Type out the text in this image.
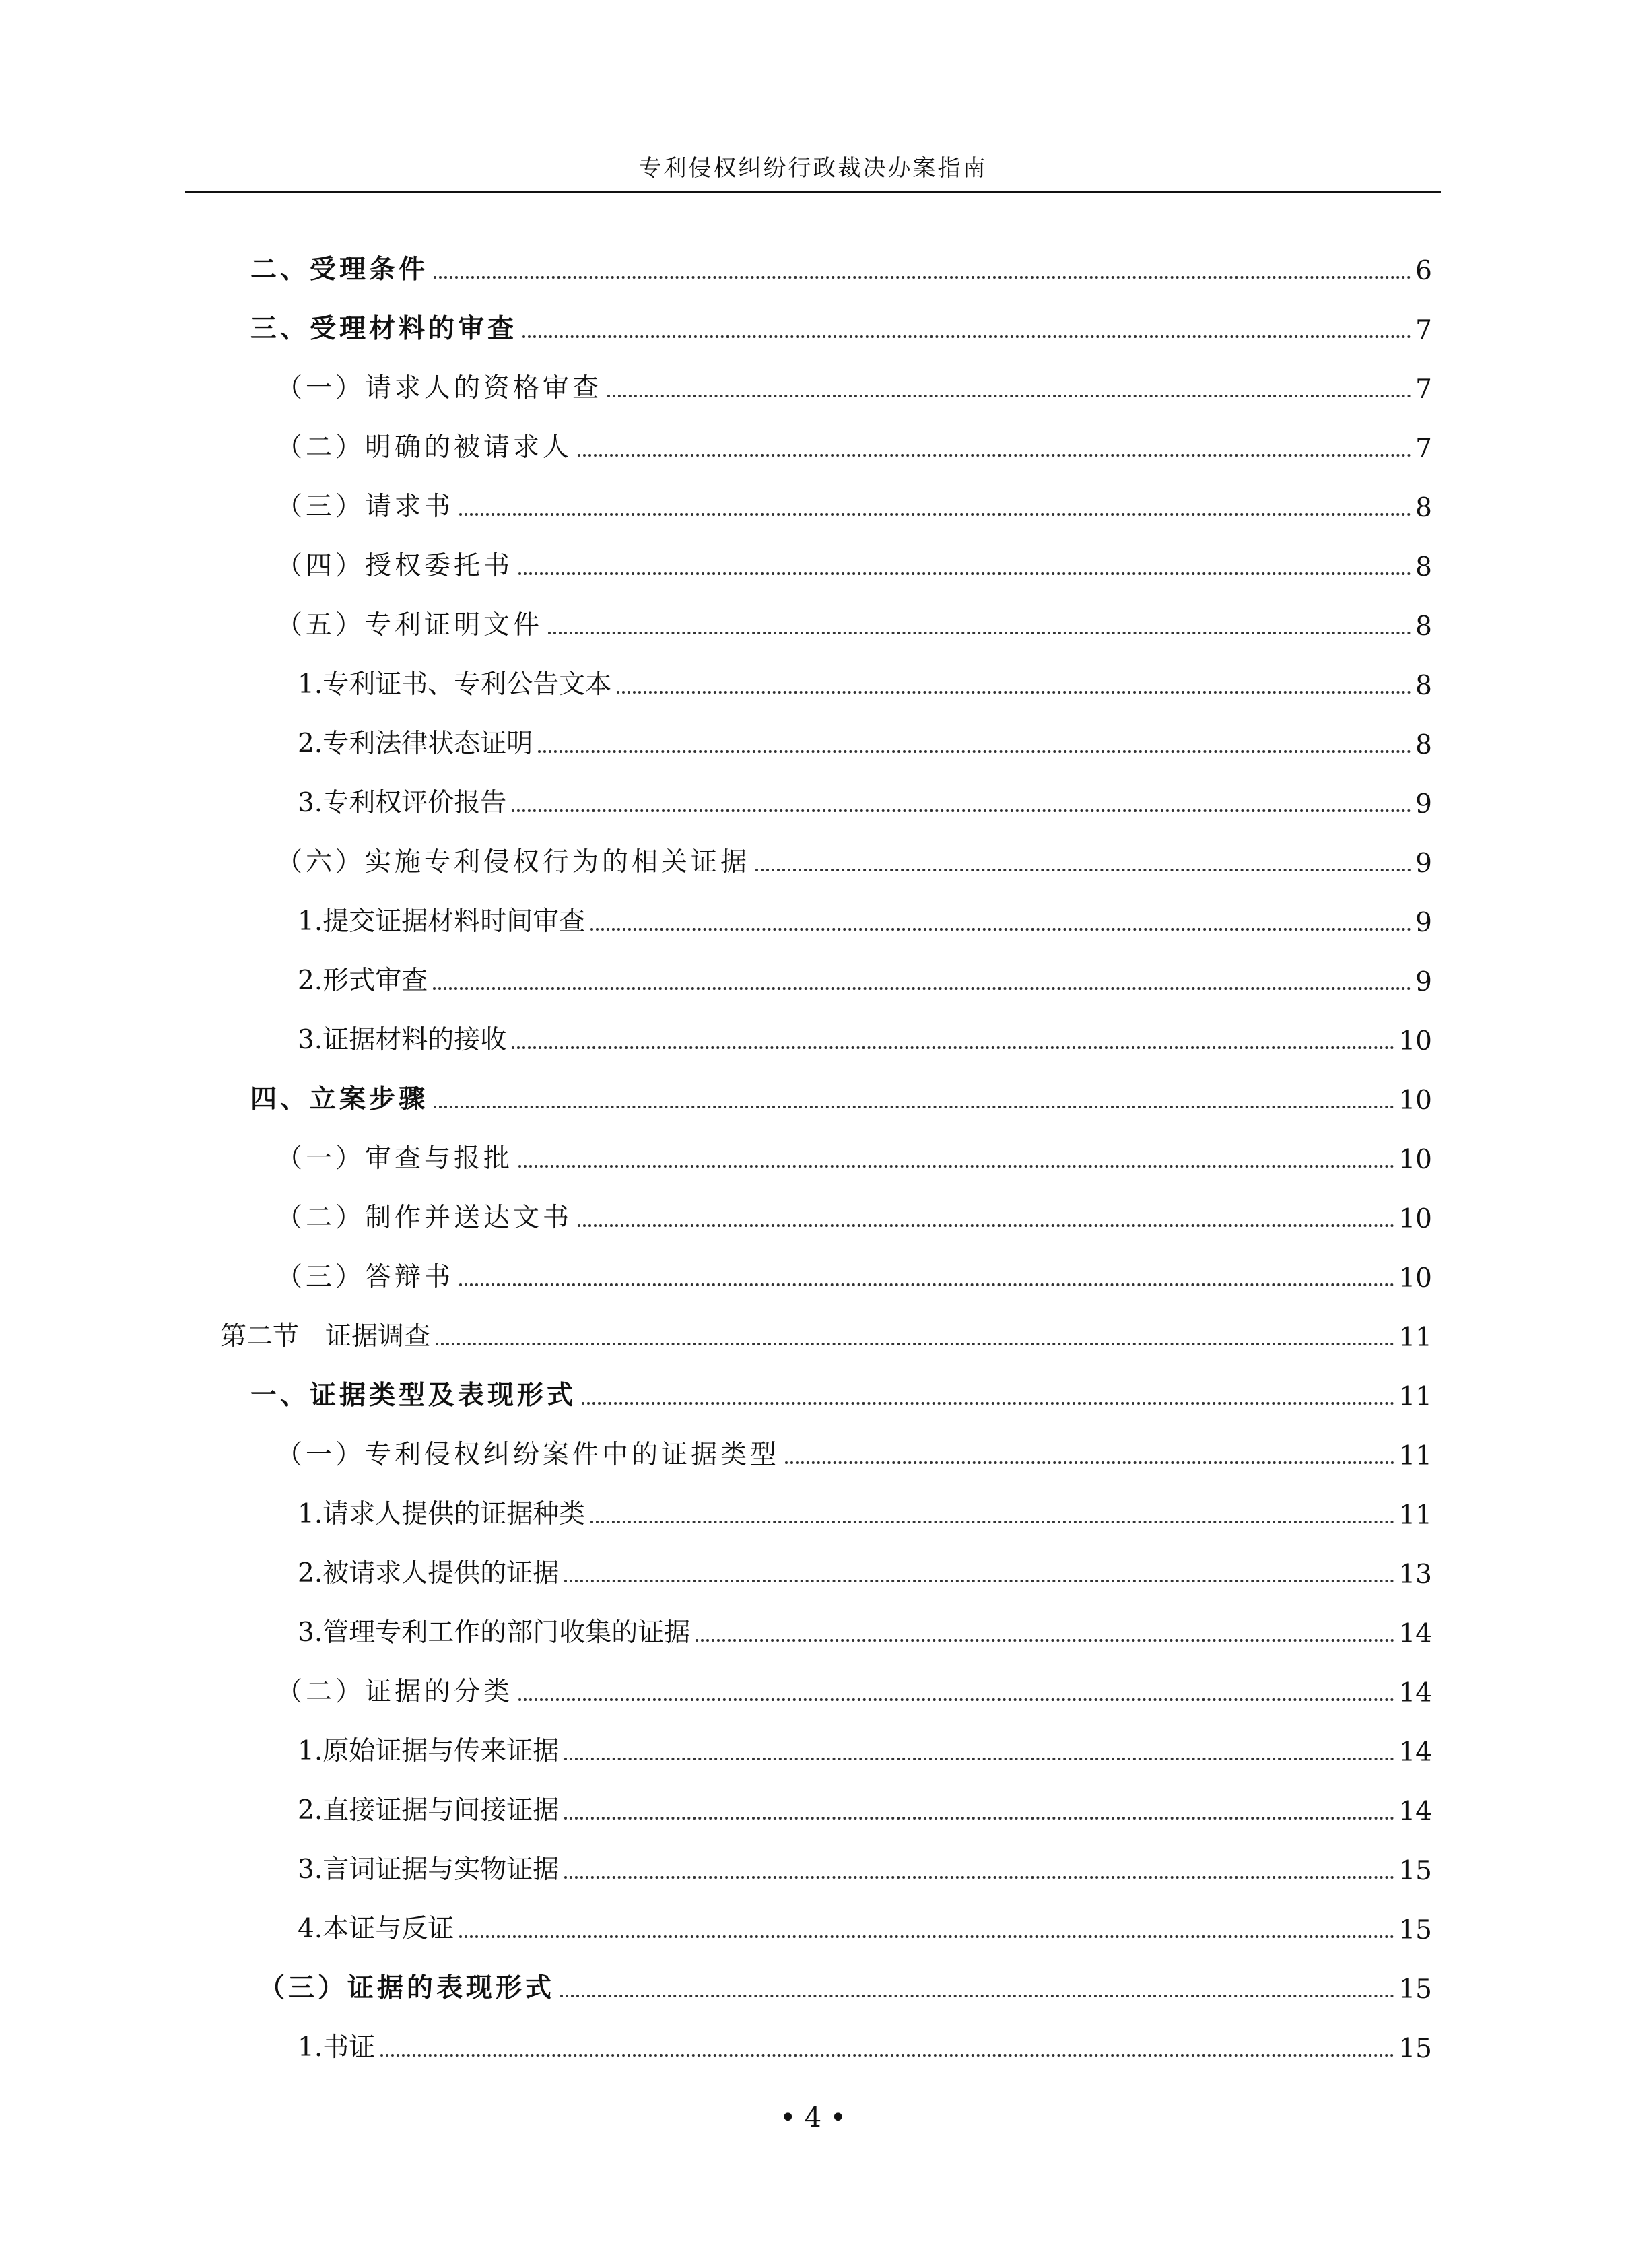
专利侵权纠纷行政裁决办案指南
二、受理条件	6
三、受理材料的审查	7
（一）请求人的资格审查	7
（二）明确的被请求人	7
（三）请求书	8
（四）授权委托书	8
（五）专利证明文件	8
1.专利证书、专利公告文本	8
2.专利法律状态证明	8
3.专利权评价报告	9
（六）实施专利侵权行为的相关证据	9
1.提交证据材料时间审查	9
2.形式审查	9
3.证据材料的接收	10
四、立案步骤	10
（一）审查与报批	10
（二）制作并送达文书	10
（三）答辩书	10
第二节　证据调查	11
一、证据类型及表现形式	11
（一）专利侵权纠纷案件中的证据类型	11
1.请求人提供的证据种类	11
2.被请求人提供的证据	13
3.管理专利工作的部门收集的证据	14
（二）证据的分类	14
1.原始证据与传来证据	14
2.直接证据与间接证据	14
3.言词证据与实物证据	15
4.本证与反证	15
（三）证据的表现形式	15
1.书证	15
• 4 •
